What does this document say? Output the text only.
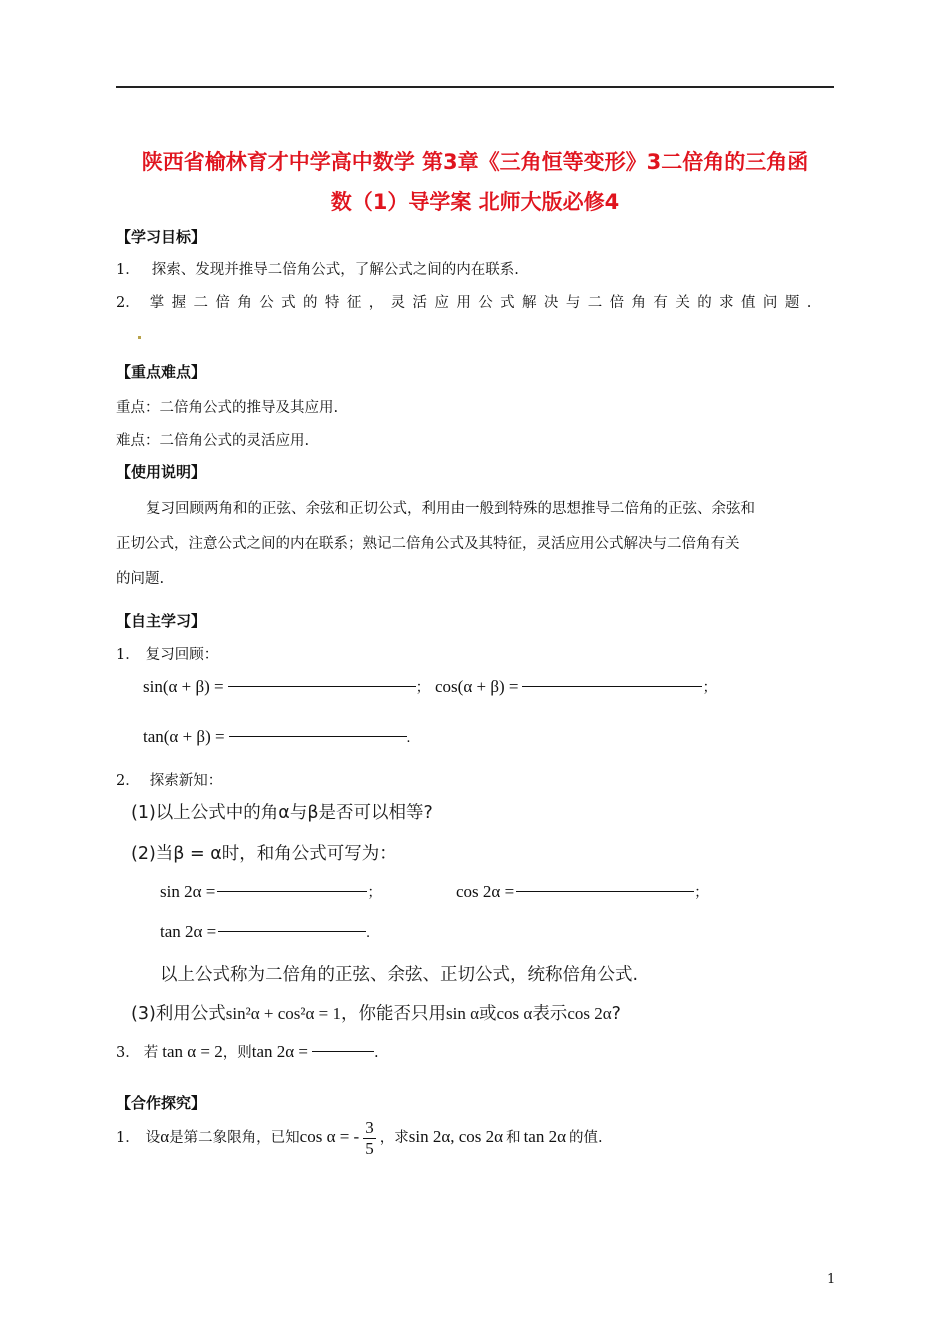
陕西省榆林育才中学高中数学 第3章《三角恒等变形》3二倍角的三角函
数（1）导学案 北师大版必修4
【学习目标】
1． 探索、发现并推导二倍角公式，了解公式之间的内在联系.
2． 掌握二倍角公式的特征，灵活应用公式解决与二倍角有关的求值问题.
【重点难点】
重点：二倍角公式的推导及其应用.
难点：二倍角公式的灵活应用.
【使用说明】
复习回顾两角和的正弦、余弦和正切公式，利用由一般到特殊的思想推导二倍角的正弦、余弦和
正切公式，注意公式之间的内在联系；熟记二倍角公式及其特征，灵活应用公式解决与二倍角有关
的问题.
【自主学习】
1． 复习回顾：
sin(α + β) =	； cos(α + β) =	；
tan(α + β) =	.
2． 探索新知：
(1)以上公式中的角α与β是否可以相等?
(2)当β = α时，和角公式可写为：
sin 2α =	；	cos 2α =	；
tan 2α =	.
以上公式称为二倍角的正弦、余弦、正切公式，统称倍角公式.
(3)利用公式sin²α + cos²α = 1，你能否只用sin α或cos α表示cos 2α?
3． 若 tan α = 2，则tan 2α =	.
【合作探究】
1． 设α是第二象限角，已知cos α = - $\frac{3}{5}$ ，求sin 2α, cos 2α 和 tan 2α 的值.
1
